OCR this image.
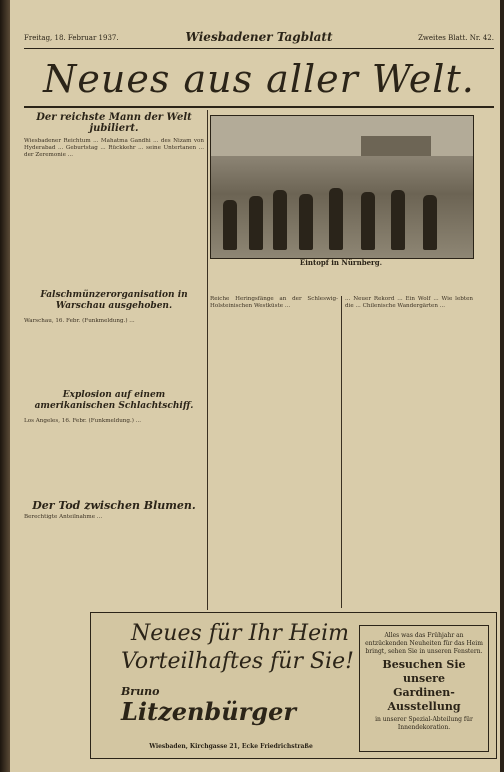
Freitag, 18. Februar 1937.	Wiesbadener Tagblatt	Zweites Blatt. Nr. 42.
Neues aus aller Welt.
Der reichste Mann der Welt jubiliert.
Wiesbadener Reichtum ... Mahatma Gandhi ... des Nizam von Hyderabad ... Geburtstag ... Rückkehr ... seine Untertanen ... der Zeremonie ...
Falschmünzerorganisation in Warschau ausgehoben.
Warschau, 16. Febr. (Funkmeldung.) ...
Explosion auf einem amerikanischen Schlachtschiff.
Los Angeles, 16. Febr. (Funkmeldung.) ...
Der Tod zwischen Blumen.
Berechtigte Anteilnahme ...
Eintopf in Nürnberg.
Reiche Heringsfänge an der Schleswig-Holsteinischen Westküste ...
... Neuer Rekord ... Ein Wolf ... Wie lebten die ... Chilenische Wandergärten ...
Neues für Ihr Heim
Vorteilhaftes für Sie!
Bruno
Litzenbürger
Wiesbaden, Kirchgasse 21, Ecke Friedrichstraße
Alles was das Frühjahr an entzückenden Neuheiten für das Heim bringt, sehen Sie in unseren Fenstern.
Besuchen Sie unsere
Gardinen-Ausstellung
in unserer Spezial-Abteilung für Innendekoration.
